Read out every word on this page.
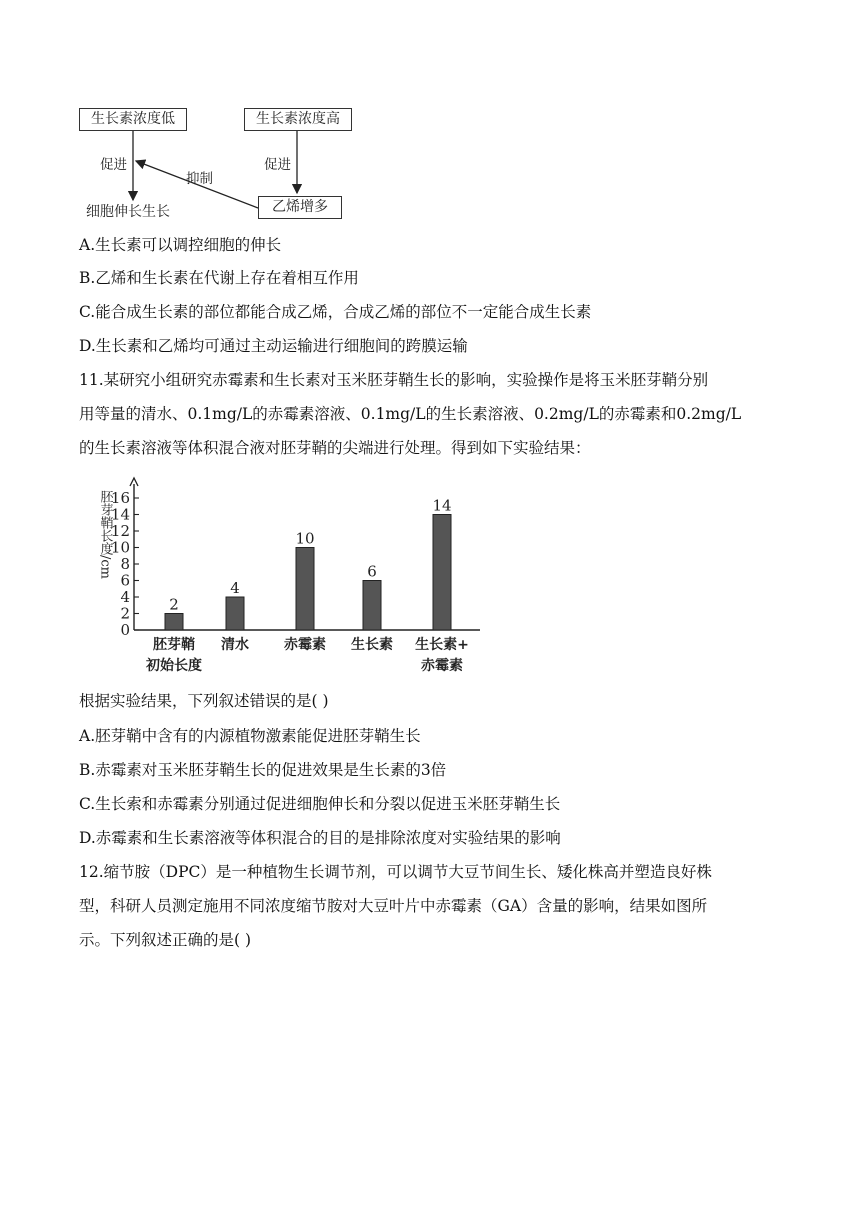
生长素浓度低	生长素浓度高
促进
抑制
促进
乙烯增多
细胞伸长生长
A.生长素可以调控细胞的伸长
B.乙烯和生长素在代谢上存在着相互作用
C.能合成生长素的部位都能合成乙烯，合成乙烯的部位不一定能合成生长素
D.生长素和乙烯均可通过主动运输进行细胞间的跨膜运输
11.某研究小组研究赤霉素和生长素对玉米胚芽鞘生长的影响，实验操作是将玉米胚芽鞘分别
用等量的清水、0.1mg/L的赤霉素溶液、0.1mg/L的生长素溶液、0.2mg/L的赤霉素和0.2mg/L
的生长素溶液等体积混合液对胚芽鞘的尖端进行处理。得到如下实验结果：
0
2
4
6
8
10
12
14
16
胚芽鞘长度/cm
2
胚芽鞘
初始长度
4
清水
10
赤霉素
6
生长素
14
生长素+
赤霉素
根据实验结果，下列叙述错误的是( )
A.胚芽鞘中含有的内源植物激素能促进胚芽鞘生长
B.赤霉素对玉米胚芽鞘生长的促进效果是生长素的3倍
C.生长索和赤霉素分别通过促进细胞伸长和分裂以促进玉米胚芽鞘生长
D.赤霉素和生长素溶液等体积混合的目的是排除浓度对实验结果的影响
12.缩节胺（DPC）是一种植物生长调节剂，可以调节大豆节间生长、矮化株高并塑造良好株
型，科研人员测定施用不同浓度缩节胺对大豆叶片中赤霉素（GA）含量的影响，结果如图所
示。下列叙述正确的是( )
